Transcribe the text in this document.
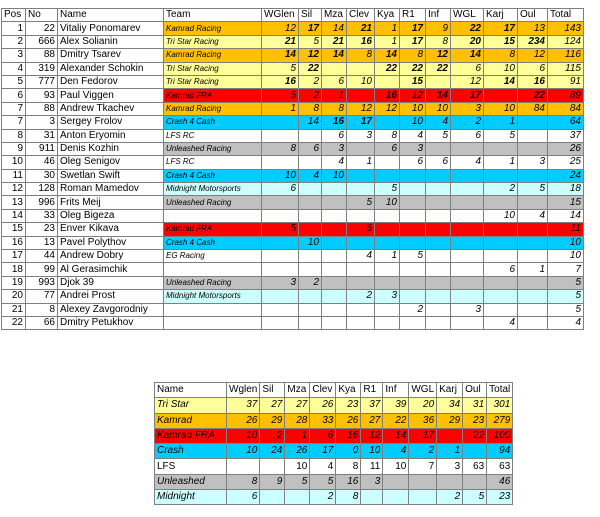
Pos	No	Name	Team	WGlen	Sil	Mza	Clev	Kya	R1	Inf	WGL	Karj	Oul	Total
1	22	Vitaliy Ponomarev	Kamrad Racing	12	17	14	21	1	17	9	22	17	13	143
2	666	Alex Solianin	Tri Star Racing	21	5	21	16	1	17	8	20	15	234	124
3	88	Dmitry Tsarev	Kamrad Racing	14	12	14	8	14	8	12	14	8	12	116
4	319	Alexander Schokin	Tri Star Racing	5	22			22	22	22	6	10	6	115
5	777	Den Fedorov	Tri Star Racing	16	2	6	10		15		12	14	16	91
6	93	Paul Viggen	Kamrad FRA	5	2	1		16	12	14	17		22	89
7	88	Andrew Tkachev	Kamrad Racing	1	8	8	12	12	10	10	3	10	84	84
7	3	Sergey Frolov	Crash 4 Cash		14	16	17		10	4	2	1		64
8	31	Anton Eryomin	LFS RC			6	3	8	4	5	6	5		37
9	911	Denis Kozhin	Unleashed Racing	8	6	3		6	3					26
10	46	Oleg Senigov	LFS RC			4	1		6	6	4	1	3	25
11	30	Swetlan Swift	Crash 4 Cash	10	4	10								24
12	128	Roman Mamedov	Midnight Motorsports	6				5				2	5	18
13	996	Frits Meij	Unleashed Racing				5	10						15
14	33	Oleg Bigeza										10	4	14
15	23	Enver Kikava	Kamrad FRA	5			6							11
16	13	Pavel Polythov	Crash 4 Cash		10									10
17	44	Andrew Dobry	EG Racing				4	1	5					10
18	99	Al Gerasimchik										6	1	7
19	993	Djok 39	Unleashed Racing	3	2									5
20	77	Andrei Prost	Midnight Motorsports				2	3						5
21	8	Alexey Zavgorodniy							2		3			5
22	66	Dmitry Petukhov										4		4
Name	Wglen	Sil	Mza	Clev	Kya	R1	Inf	WGL	Karj	Oul	Total
Tri Star	37	27	27	26	23	37	39	20	34	31	301
Kamrad	26	29	28	33	26	27	22	36	29	23	279
Kamrad FRA	10	2	1	6	16	12	14	17		22	100
Crash	10	24	26	17	0	10	4	2	1		94
LFS			10	4	8	11	10	7	3	63	63
Unleashed	8	9	5	5	16	3					46
Midnight	6			2	8				2	5	23
